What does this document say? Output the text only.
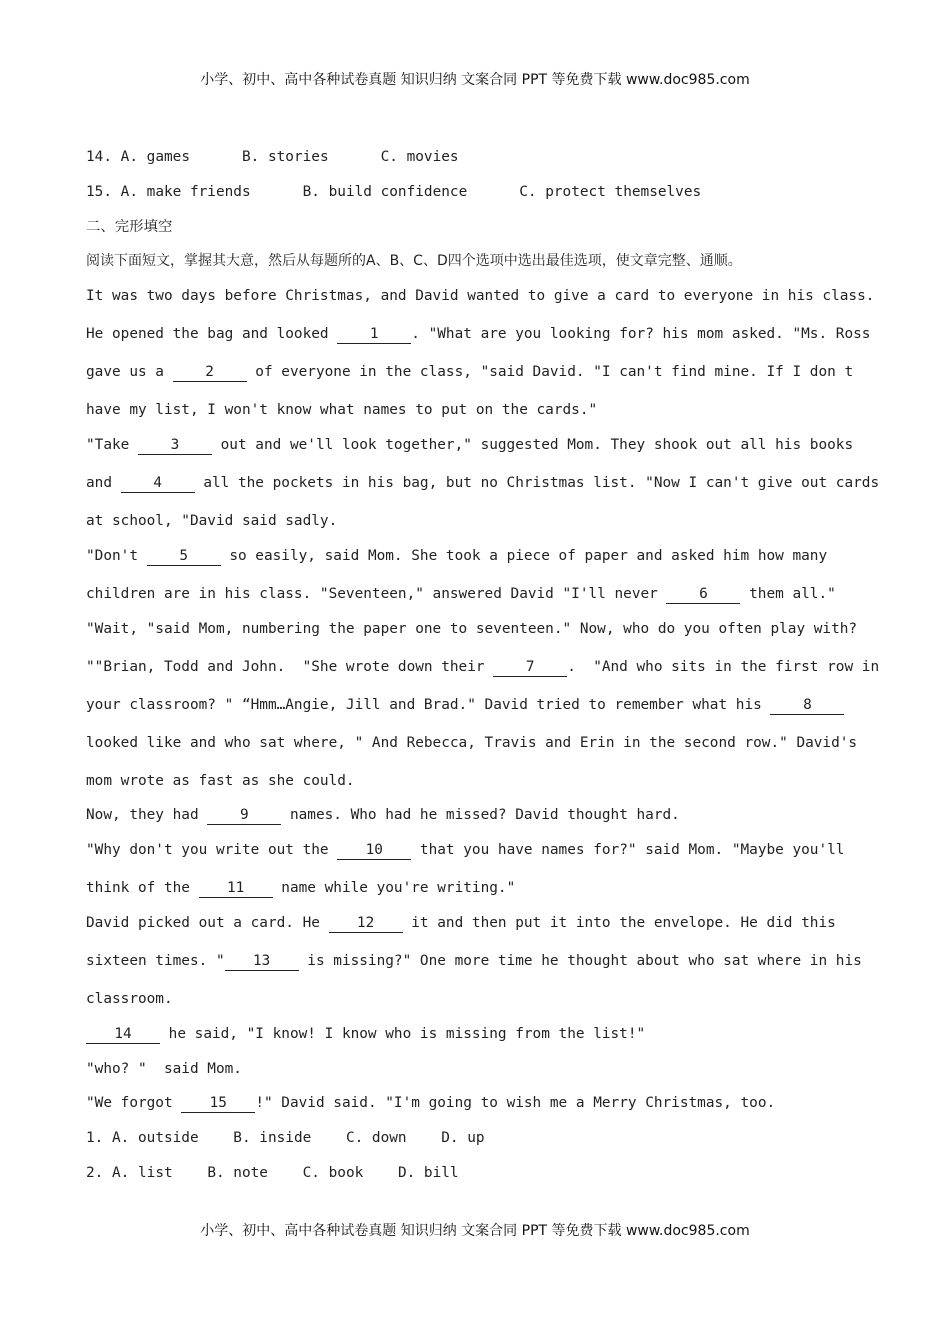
小学、初中、高中各种试卷真题 知识归纳 文案合同 PPT 等免费下载 www.doc985.com
14. A. games	B. stories	C. movies
15. A. make friends	B. build confidence	C. protect themselves
二、完形填空
阅读下面短文，掌握其大意，然后从每题所的A、B、C、D四个选项中选出最佳选项，使文章完整、通顺。
It was two days before Christmas, and David wanted to give a card to everyone in his class.
He opened the bag and looked 1 . "What are you looking for? his mom asked. "Ms. Ross
gave us a 2 of everyone in the class, "said David. "I can't find mine. If I don t
have my list, I won't know what names to put on the cards."
"Take 3 out and we'll look together," suggested Mom. They shook out all his books
and 4 all the pockets in his bag, but no Christmas list. "Now I can't give out cards
at school, "David said sadly.
"Don't 5 so easily, said Mom. She took a piece of paper and asked him how many
children are in his class. "Seventeen," answered David "I'll never 6 them all."
"Wait, "said Mom, numbering the paper one to seventeen." Now, who do you often play with?
""Brian, Todd and John.  "She wrote down their 7 .  "And who sits in the first row in
your classroom? " “Hmm…Angie, Jill and Brad." David tried to remember what his 8
looked like and who sat where, " And Rebecca, Travis and Erin in the second row." David's
mom wrote as fast as she could.
Now, they had 9 names. Who had he missed? David thought hard.
"Why don't you write out the 10 that you have names for?" said Mom. "Maybe you'll
think of the 11 name while you're writing."
David picked out a card. He 12 it and then put it into the envelope. He did this
sixteen times. " 13 is missing?" One more time he thought about who sat where in his
classroom.
14 he said, "I know! I know who is missing from the list!"
"who? "  said Mom.
"We forgot 15 !" David said. "I'm going to wish me a Merry Christmas, too.
1. A. outside B. inside C. down D. up
2. A. list B. note C. book D. bill
小学、初中、高中各种试卷真题 知识归纳 文案合同 PPT 等免费下载 www.doc985.com
